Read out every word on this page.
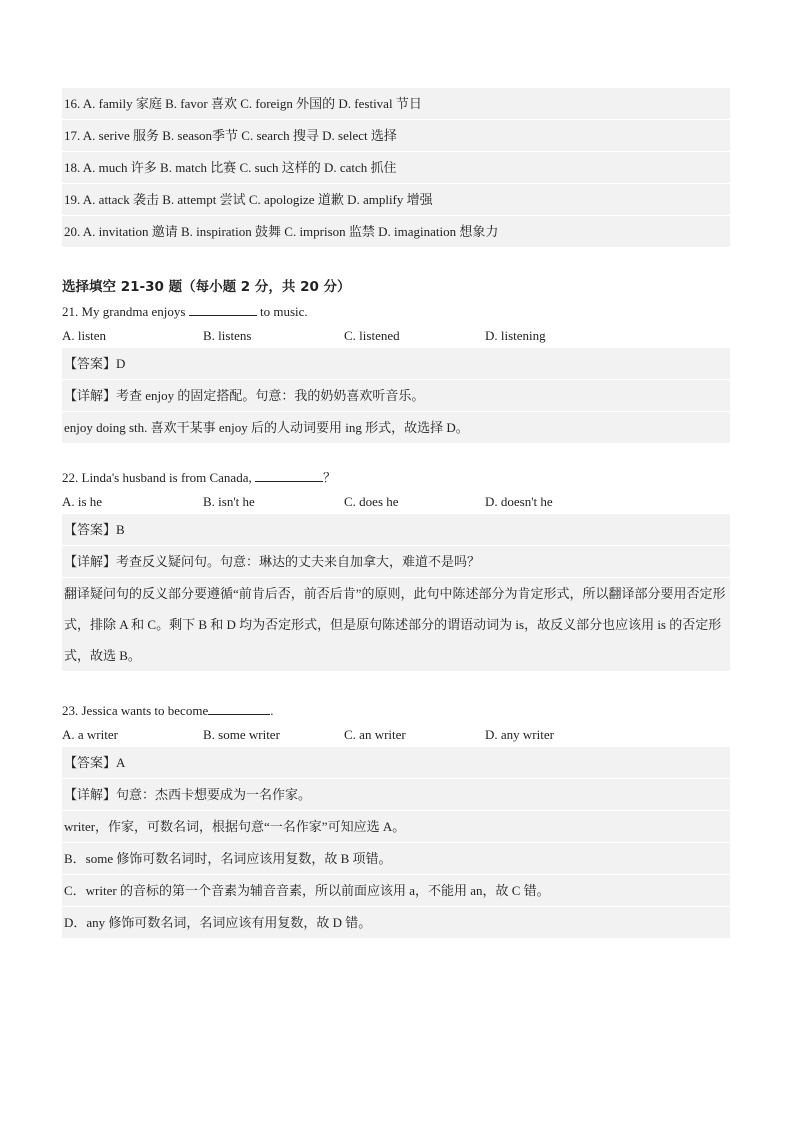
16. A. family 家庭 B. favor 喜欢 C. foreign 外国的 D. festival 节日
17. A. serive 服务 B. season季节 C. search 搜寻 D. select 选择
18. A. much 许多 B. match 比赛 C. such 这样的 D. catch 抓住
19. A. attack 袭击 B. attempt 尝试 C. apologize 道歉 D. amplify 增强
20. A. invitation 邀请 B. inspiration 鼓舞 C. imprison 监禁 D. imagination 想象力
选择填空 21-30 题（每小题 2 分，共 20 分）
21. My grandma enjoys	to music.
A. listen	B. listens	C. listened	D. listening
【答案】D
【详解】考查 enjoy 的固定搭配。句意：我的奶奶喜欢听音乐。
enjoy doing sth. 喜欢干某事 enjoy 后的人动词要用 ing 形式，故选择 D。
22. Linda's husband is from Canada,	？
A. is he	B. isn't he	C. does he	D. doesn't he
【答案】B
【详解】考查反义疑问句。句意：琳达的丈夫来自加拿大，难道不是吗？
翻译疑问句的反义部分要遵循“前肯后否，前否后肯”的原则，此句中陈述部分为肯定形式，所以翻译部分要用否定形式，排除 A 和 C。剩下 B 和 D 均为否定形式，但是原句陈述部分的谓语动词为 is，故反义部分也应该用 is 的否定形式，故选 B。
23. Jessica wants to become	.
A. a writer	B. some writer	C. an writer	D. any writer
【答案】A
【详解】句意：杰西卡想要成为一名作家。
writer，作家，可数名词，根据句意“一名作家”可知应选 A。
B．some 修饰可数名词时，名词应该用复数，故 B 项错。
C．writer 的音标的第一个音素为辅音音素，所以前面应该用 a，不能用 an，故 C 错。
D．any 修饰可数名词，名词应该有用复数，故 D 错。
